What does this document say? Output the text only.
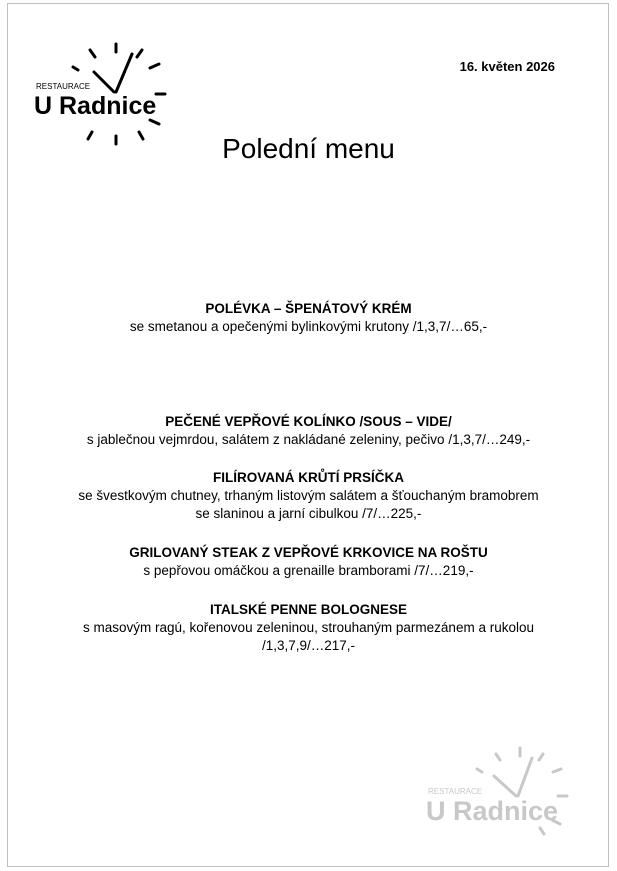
RESTAURACE
U Radnice
16. květen 2026
Polední menu
POLÉVKA – ŠPENÁTOVÝ KRÉM
se smetanou a opečenými bylinkovými krutony /1,3,7/…65,-
PEČENÉ VEPŘOVÉ KOLÍNKO /SOUS – VIDE/
s jablečnou vejmrdou, salátem z nakládané zeleniny, pečivo /1,3,7/…249,-
FILÍROVANÁ KRŮTÍ PRSÍČKA
se švestkovým chutney, trhaným listovým salátem a šťouchaným bramobrem
se slaninou a jarní cibulkou /7/…225,-
GRILOVANÝ STEAK Z VEPŘOVÉ KRKOVICE NA ROŠTU
s pepřovou omáčkou a grenaille bramborami /7/…219,-
ITALSKÉ PENNE BOLOGNESE
s masovým ragú, kořenovou zeleninou, strouhaným parmezánem a rukolou
/1,3,7,9/…217,-
RESTAURACE
U Radnice
